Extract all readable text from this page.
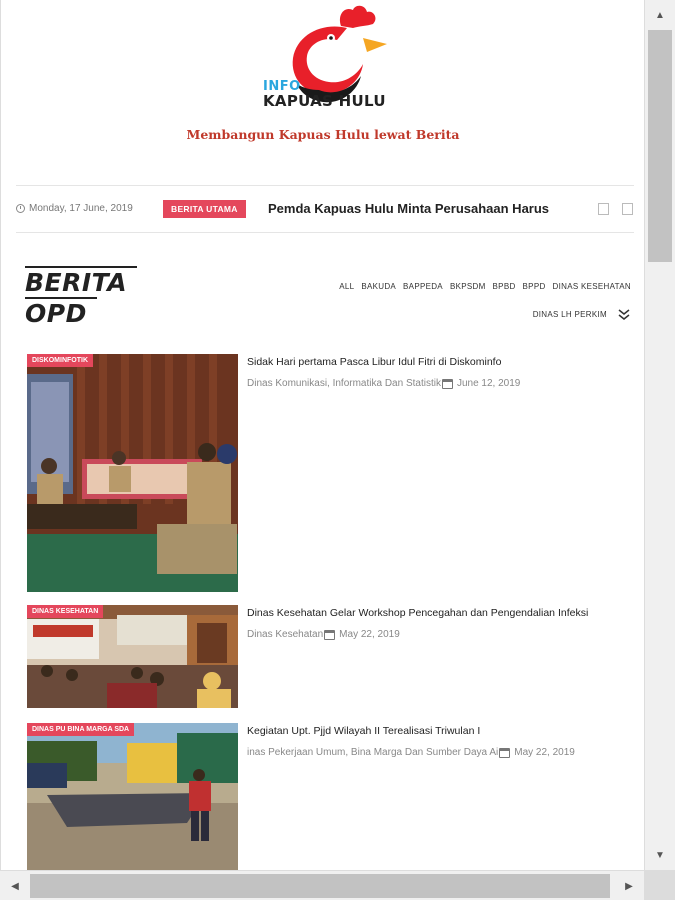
INFO
KAPUAS HULU
Membangun Kapuas Hulu lewat Berita
Monday, 17 June, 2019	BERITA UTAMA	Pemda Kapuas Hulu Minta Perusahaan Harus
BERITA
OPD
ALL BAKUDA BAPPEDA BKPSDM BPBD BPPD DINAS KESEHATAN
DINAS LH PERKIM
DISKOMINFOTIK	Sidak Hari pertama Pasca Libur Idul Fitri di Diskominfo
Dinas Komunikasi, Informatika Dan Statistik June 12, 2019
DINAS KESEHATAN	Dinas Kesehatan Gelar Workshop Pencegahan dan Pengendalian Infeksi
Dinas Kesehatan May 22, 2019
DINAS PU BINA MARGA SDA	Kegiatan Upt. Pjjd Wilayah II Terealisasi Triwulan I
inas Pekerjaan Umum, Bina Marga Dan Sumber Daya Ai May 22, 2019
▲
▼
◀	▶
